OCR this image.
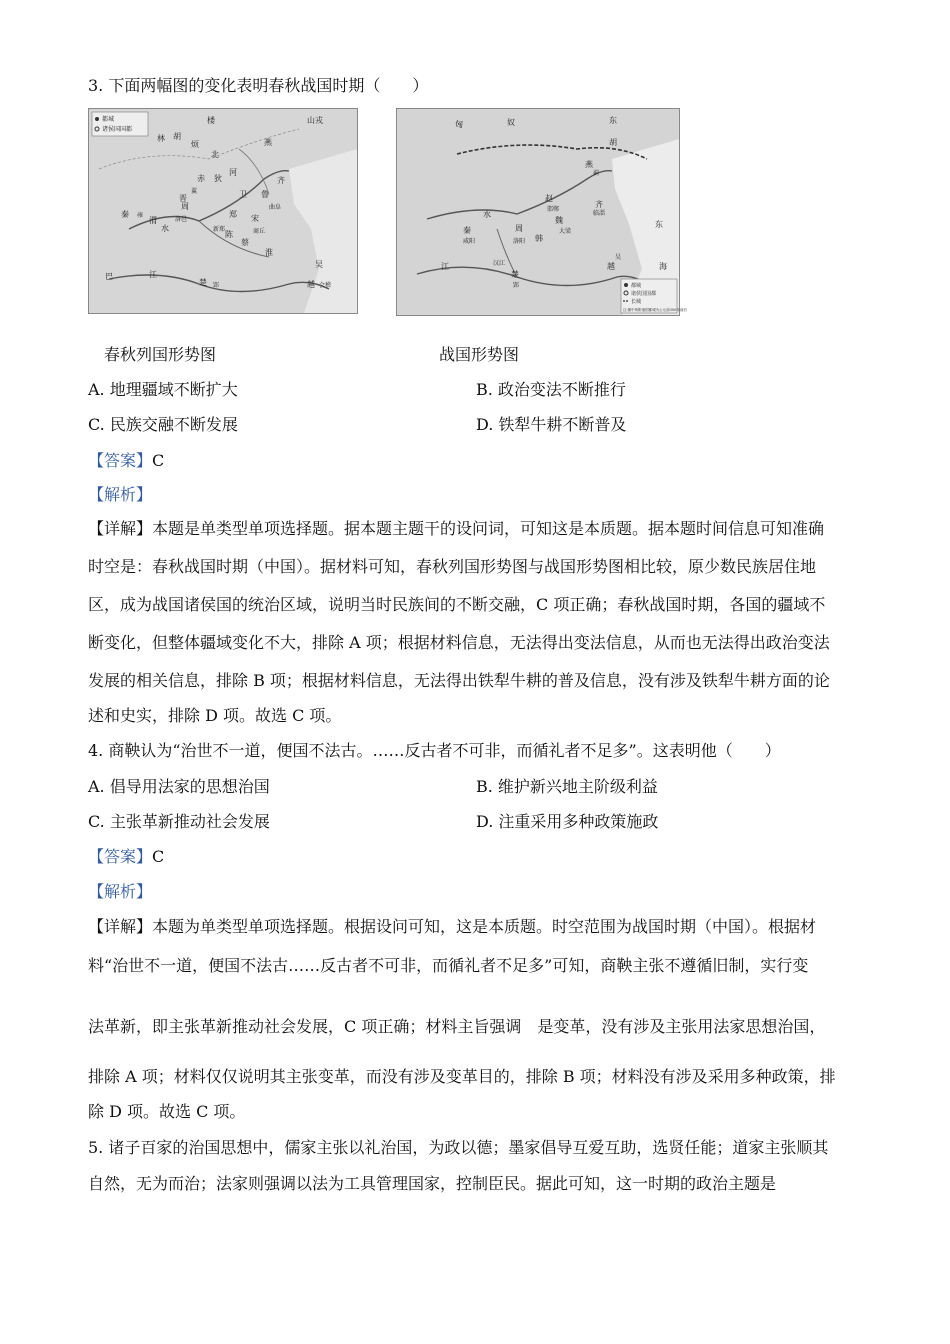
3. 下面两幅图的变化表明春秋战国时期（　　）
都城
诸侯国国都
山戎
楼
林
烦	燕
胡
北
赤 狄	齐
河
鲁
曲阜
秦 雍
晋
翼	卫
周
洛邑
郑
新郑
宋
蔡
商丘
陈
楚 郢
吴
越 会稽
巴	江
水
淮
渭
都城
诸侯国国都
长城
注:图中所附诸国都城为公元前350年前后
匈	奴	东
胡
燕
蓟
赵
邯郸
齐
临淄
秦
咸阳
周
洛阳
魏
大梁
韩
楚
郢
越
吴
东
海
江
水
汉江
春秋列国形势图	战国形势图
A. 地理疆域不断扩大	B. 政治变法不断推行
C. 民族交融不断发展	D. 铁犁牛耕不断普及
【答案】C
【解析】
【详解】本题是单类型单项选择题。据本题主题干的设问词，可知这是本质题。据本题时间信息可知准确
时空是：春秋战国时期（中国）。据材料可知，春秋列国形势图与战国形势图相比较，原少数民族居住地
区，成为战国诸侯国的统治区域，说明当时民族间的不断交融，C 项正确；春秋战国时期，各国的疆域不
断变化，但整体疆域变化不大，排除 A 项；根据材料信息，无法得出变法信息，从而也无法得出政治变法
发展的相关信息，排除 B 项；根据材料信息，无法得出铁犁牛耕的普及信息，没有涉及铁犁牛耕方面的论
述和史实，排除 D 项。故选 C 项。
4. 商鞅认为“治世不一道，便国不法古。……反古者不可非，而循礼者不足多”。这表明他（　　）
A. 倡导用法家的思想治国	B. 维护新兴地主阶级利益
C. 主张革新推动社会发展	D. 注重采用多种政策施政
【答案】C
【解析】
【详解】本题为单类型单项选择题。根据设问可知，这是本质题。时空范围为战国时期（中国）。根据材
料“治世不一道，便国不法古……反古者不可非，而循礼者不足多”可知，商鞅主张不遵循旧制，实行变
法革新，即主张革新推动社会发展，C 项正确；材料主旨强调　是变革，没有涉及主张用法家思想治国，
排除 A 项；材料仅仅说明其主张变革，而没有涉及变革目的，排除 B 项；材料没有涉及采用多种政策，排
除 D 项。故选 C 项。
5. 诸子百家的治国思想中，儒家主张以礼治国，为政以德；墨家倡导互爱互助，选贤任能；道家主张顺其
自然，无为而治；法家则强调以法为工具管理国家，控制臣民。据此可知，这一时期的政治主题是
